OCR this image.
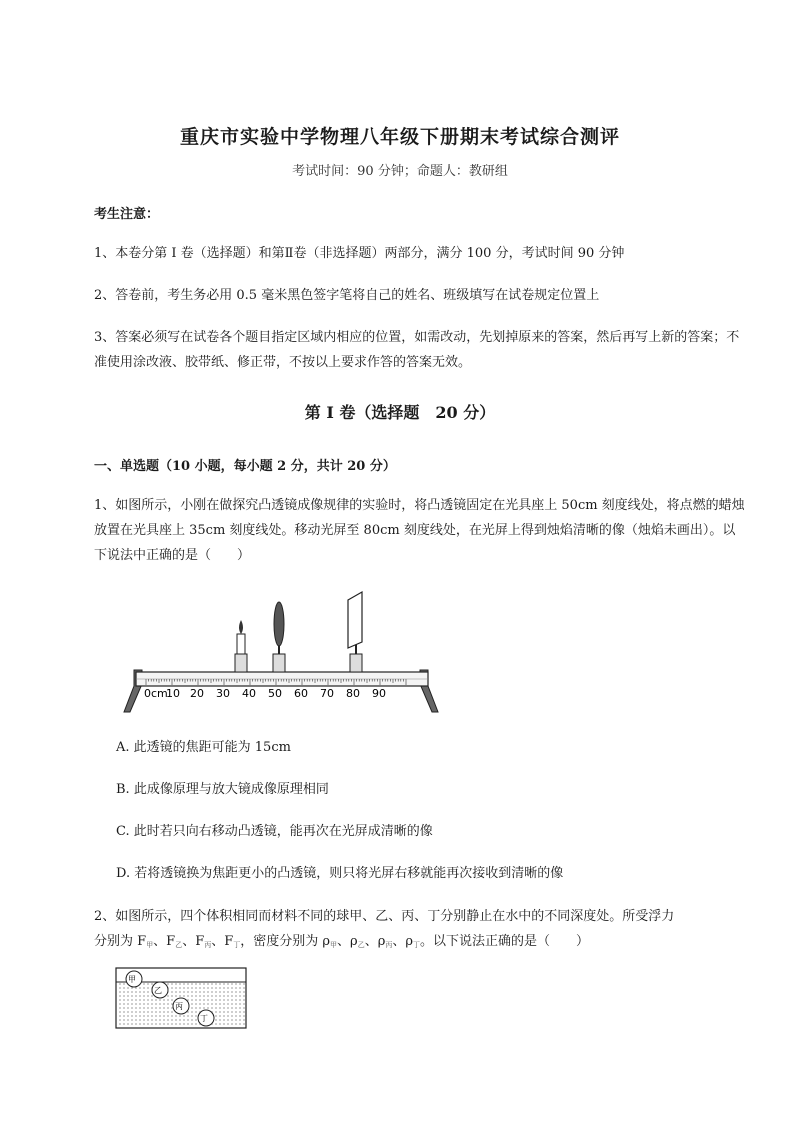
重庆市实验中学物理八年级下册期末考试综合测评
考试时间：90 分钟；命题人：教研组
考生注意：
1、本卷分第 I 卷（选择题）和第Ⅱ卷（非选择题）两部分，满分 100 分，考试时间 90 分钟
2、答卷前，考生务必用 0.5 毫米黑色签字笔将自己的姓名、班级填写在试卷规定位置上
3、答案必须写在试卷各个题目指定区域内相应的位置，如需改动，先划掉原来的答案，然后再写上新的答案；不准使用涂改液、胶带纸、修正带，不按以上要求作答的答案无效。
第 I 卷（选择题　20 分）
一、单选题（10 小题，每小题 2 分，共计 20 分）
1、如图所示，小刚在做探究凸透镜成像规律的实验时，将凸透镜固定在光具座上 50cm 刻度线处，将点燃的蜡烛放置在光具座上 35cm 刻度线处。移动光屏至 80cm 刻度线处，在光屏上得到烛焰清晰的像（烛焰未画出）。以下说法中正确的是（　　）
0cm
10 20 30 40 50 60 70 80 90
A. 此透镜的焦距可能为 15cm
B. 此成像原理与放大镜成像原理相同
C. 此时若只向右移动凸透镜，能再次在光屏成清晰的像
D. 若将透镜换为焦距更小的凸透镜，则只将光屏右移就能再次接收到清晰的像
2、如图所示，四个体积相同而材料不同的球甲、乙、丙、丁分别静止在水中的不同深度处。所受浮力
分别为 $F_甲$、$F_乙$、$F_丙$、$F_丁$，密度分别为 $\rho_甲$、$\rho_乙$、$\rho_丙$、$\rho_丁$。以下说法正确的是（　　）
甲
乙
丙
丁
